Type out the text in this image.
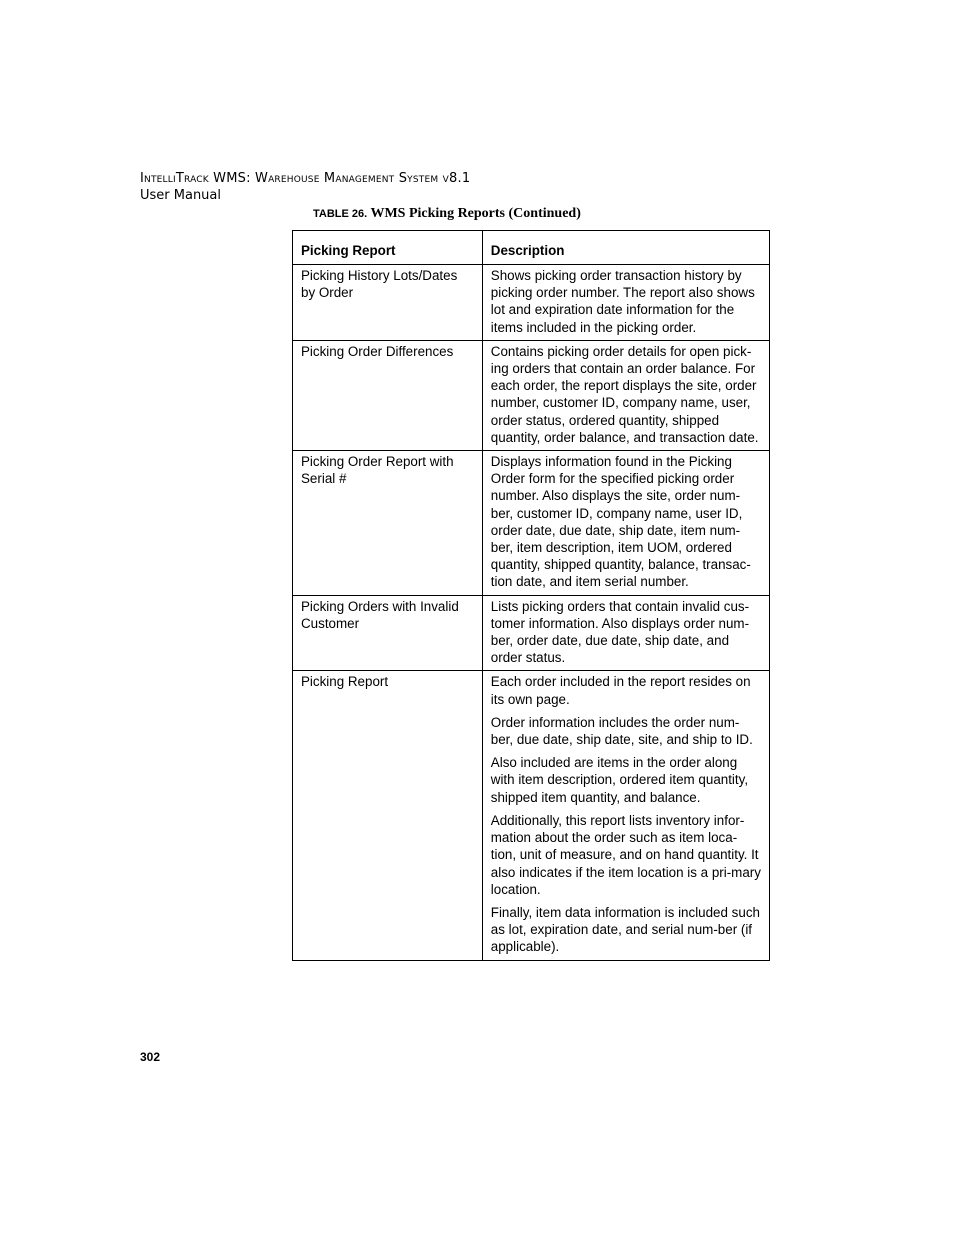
IntelliTrack WMS: Warehouse Management System v8.1
User Manual
TABLE 26. WMS Picking Reports (Continued)
Picking Report	Description
Picking History Lots/Dates by Order	Shows picking order transaction history by picking order number. The report also shows lot and expiration date information for the items included in the picking order.

Picking Order Differences	Contains picking order details for open pick-ing orders that contain an order balance. For each order, the report displays the site, order number, customer ID, company name, user, order status, ordered quantity, shipped quantity, order balance, and transaction date.

Picking Order Report with Serial #	Displays information found in the Picking Order form for the specified picking order number. Also displays the site, order num-ber, customer ID, company name, user ID, order date, due date, ship date, item num-ber, item description, item UOM, ordered quantity, shipped quantity, balance, transac-tion date, and item serial number.

Picking Orders with Invalid Customer	Lists picking orders that contain invalid cus-tomer information. Also displays order num-ber, order date, due date, ship date, and order status.

Picking Report	Each order included in the report resides on its own page.

Order information includes the order num-ber, due date, ship date, site, and ship to ID.

Also included are items in the order along with item description, ordered item quantity, shipped item quantity, and balance.

Additionally, this report lists inventory infor-mation about the order such as item loca-tion, unit of measure, and on hand quantity. It also indicates if the item location is a pri-mary location.

Finally, item data information is included such as lot, expiration date, and serial num-ber (if applicable).

302
